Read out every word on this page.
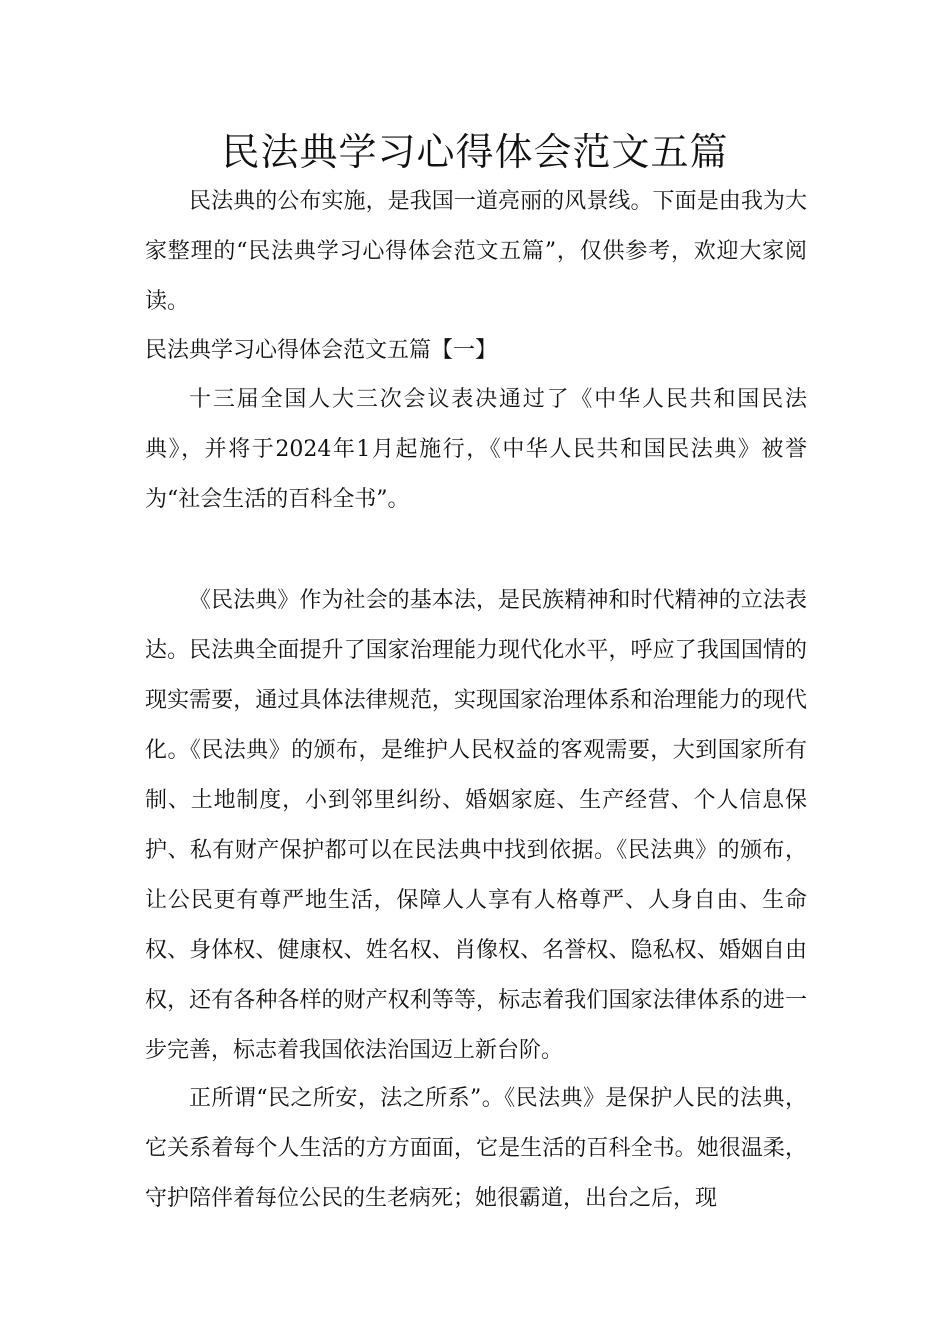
民法典学习心得体会范文五篇

民法典的公布实施，是我国一道亮丽的风景线。下面是由我为大家整理的“民法典学习心得体会范文五篇”，仅供参考，欢迎大家阅读。

民法典学习心得体会范文五篇【一】

十三届全国人大三次会议表决通过了《中华人民共和国民法典》，并将于2024年1月起施行，《中华人民共和国民法典》被誉为“社会生活的百科全书”。

《民法典》作为社会的基本法，是民族精神和时代精神的立法表达。民法典全面提升了国家治理能力现代化水平，呼应了我国国情的现实需要，通过具体法律规范，实现国家治理体系和治理能力的现代化。《民法典》的颁布，是维护人民权益的客观需要，大到国家所有制、土地制度，小到邻里纠纷、婚姻家庭、生产经营、个人信息保护、私有财产保护都可以在民法典中找到依据。《民法典》的颁布，让公民更有尊严地生活，保障人人享有人格尊严、人身自由、生命权、身体权、健康权、姓名权、肖像权、名誉权、隐私权、婚姻自由权，还有各种各样的财产权利等等，标志着我们国家法律体系的进一步完善，标志着我国依法治国迈上新台阶。

正所谓“民之所安，法之所系”。《民法典》是保护人民的法典，它关系着每个人生活的方方面面，它是生活的百科全书。她很温柔，守护陪伴着每位公民的生老病死；她很霸道，出台之后，现
